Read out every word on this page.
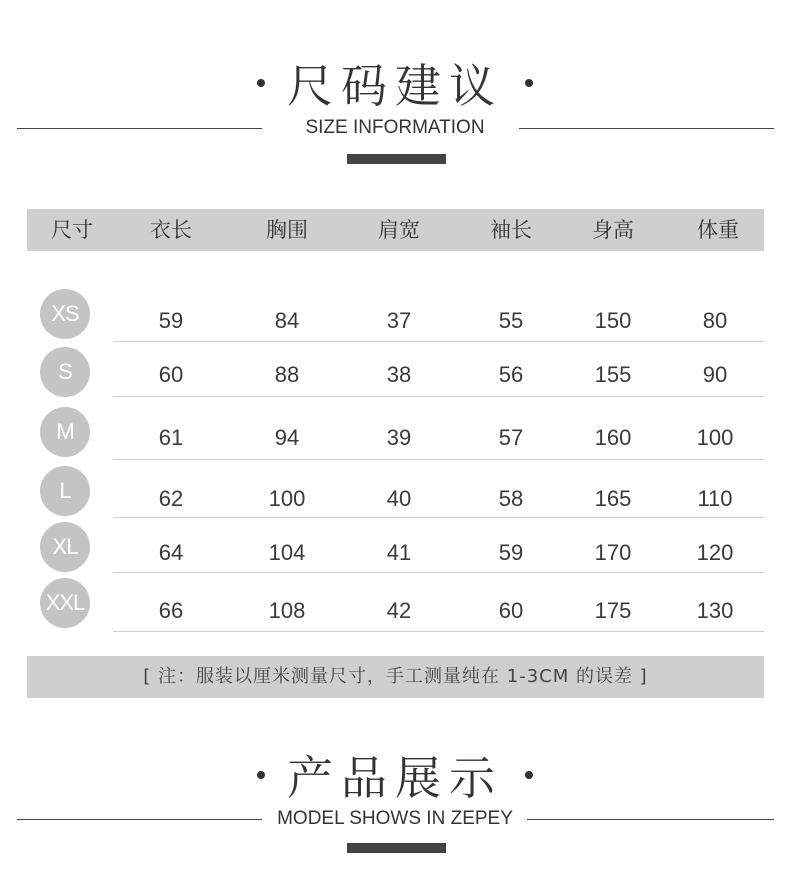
尺码建议
SIZE INFORMATION
尺寸	衣长	胸围	肩宽	袖长	身高	体重
XS	59	84	37	55	150	80
S	60	88	38	56	155	90
M	61	94	39	57	160	100
L	62	100	40	58	165	110
XL	64	104	41	59	170	120
XXL	66	108	42	60	175	130
[ 注：服装以厘米测量尺寸，手工测量纯在 1-3CM 的误差 ]
产品展示
MODEL SHOWS IN ZEPEY
